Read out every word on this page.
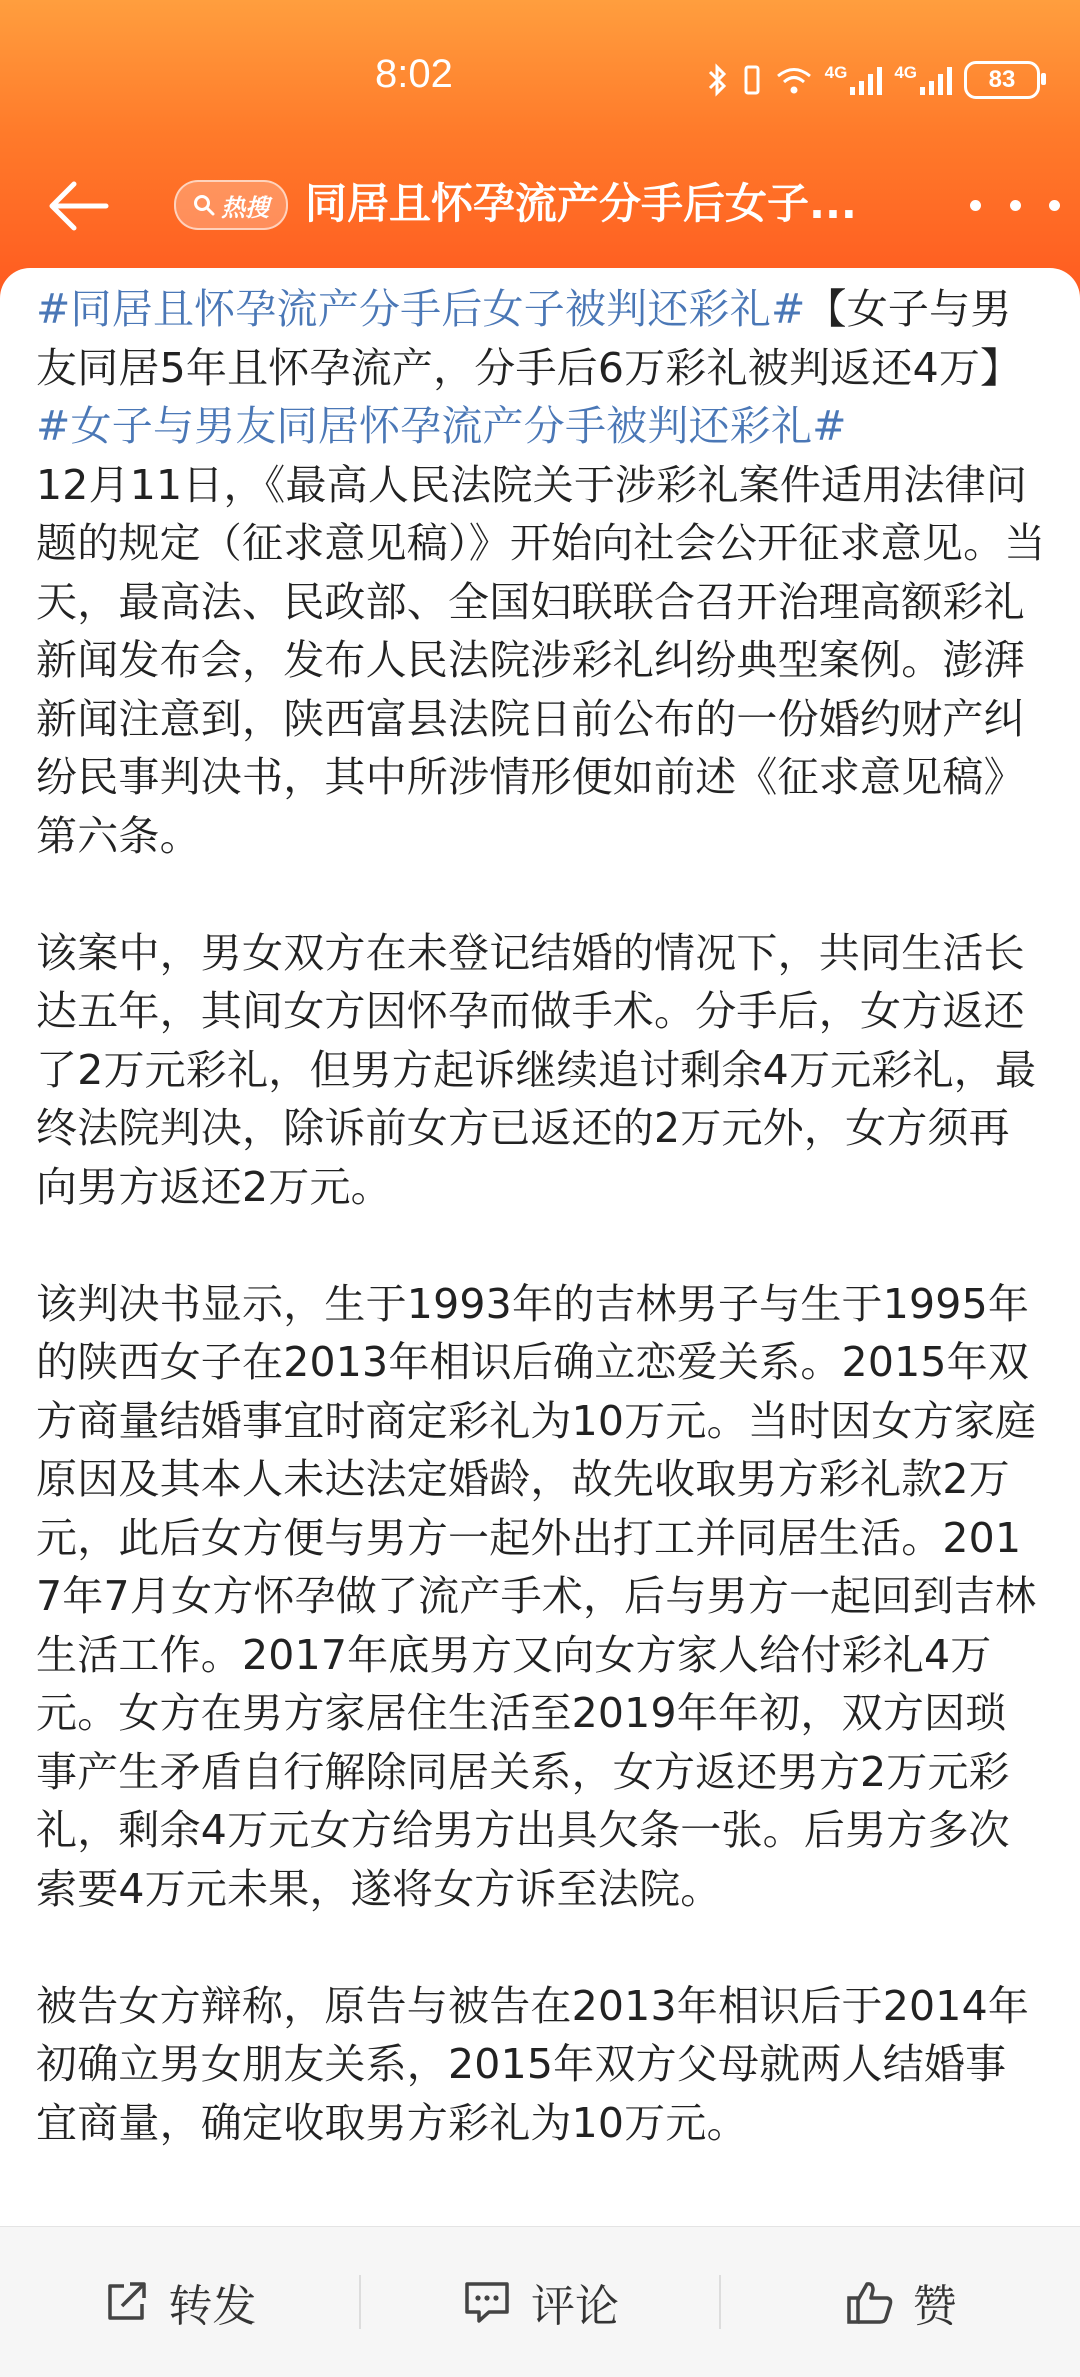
8:02	4G	4G	83
热搜 同居且怀孕流产分手后女子...

#同居且怀孕流产分手后女子被判还彩礼#【女子与男友同居5年且怀孕流产，分手后6万彩礼被判返还4万】#女子与男友同居怀孕流产分手被判还彩礼#

12月11日，《最高人民法院关于涉彩礼案件适用法律问题的规定（征求意见稿）》开始向社会公开征求意见。当天，最高法、民政部、全国妇联联合召开治理高额彩礼新闻发布会，发布人民法院涉彩礼纠纷典型案例。澎湃新闻注意到，陕西富县法院日前公布的一份婚约财产纠纷民事判决书，其中所涉情形便如前述《征求意见稿》第六条。

该案中，男女双方在未登记结婚的情况下，共同生活长达五年，其间女方因怀孕而做手术。分手后，女方返还了2万元彩礼，但男方起诉继续追讨剩余4万元彩礼，最终法院判决，除诉前女方已返还的2万元外，女方须再向男方返还2万元。

该判决书显示，生于1993年的吉林男子与生于1995年的陕西女子在2013年相识后确立恋爱关系。2015年双方商量结婚事宜时商定彩礼为10万元。当时因女方家庭原因及其本人未达法定婚龄，故先收取男方彩礼款2万元，此后女方便与男方一起外出打工并同居生活。2017年7月女方怀孕做了流产手术，后与男方一起回到吉林生活工作。2017年底男方又向女方家人给付彩礼4万元。女方在男方家居住生活至2019年年初，双方因琐事产生矛盾自行解除同居关系，女方返还男方2万元彩礼，剩余4万元女方给男方出具欠条一张。后男方多次索要4万元未果，遂将女方诉至法院。

被告女方辩称，原告与被告在2013年相识后于2014年初确立男女朋友关系，2015年双方父母就两人结婚事宜商量，确定收取男方彩礼为10万元。

转发	评论	赞
